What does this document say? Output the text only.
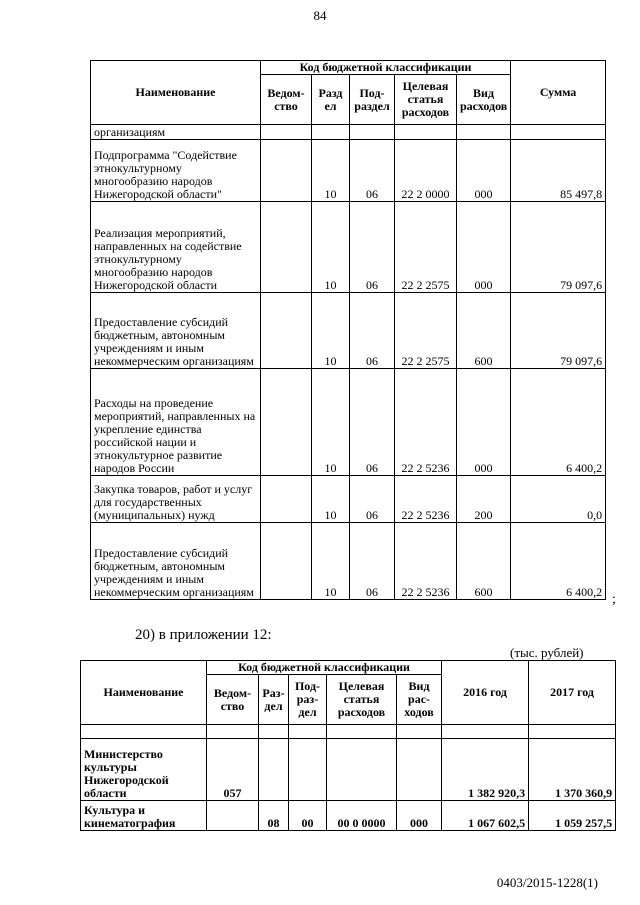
84
Наименование	Код бюджетной классификации					Сумма
	Ведом-ство	Разд ел	Под-раздел	Целевая статья расходов	Вид расходов	
организациям						
Подпрограмма "Содействие этнокультурному многообразию народов Нижегородской области"		10	06	22 2 0000	000	85 497,8
Реализация мероприятий, направленных на содействие этнокультурному многообразию народов Нижегородской области		10	06	22 2 2575	000	79 097,6
Предоставление субсидий бюджетным, автономным учреждениям и иным некоммерческим организациям		10	06	22 2 2575	600	79 097,6
Расходы на проведение мероприятий, направленных на укрепление единства российской нации и этнокультурное развитие народов России		10	06	22 2 5236	000	6 400,2
Закупка товаров, работ и услуг для государственных (муниципальных) нужд		10	06	22 2 5236	200	0,0
Предоставление субсидий бюджетным, автономным учреждениям и иным некоммерческим организациям		10	06	22 2 5236	600	6 400,2 ;
20) в приложении 12:
(тыс. рублей)
Наименование	Код бюджетной классификации					2016 год	2017 год
	Ведом-ство	Раз-дел	Под-раз-дел	Целевая статья расходов	Вид рас-ходов		

Министерство культуры Нижегородской области	057					1 382 920,3	1 370 360,9
Культура и кинематография		08	00	00 0 0000	000	1 067 602,5	1 059 257,5
0403/2015-1228(1)
